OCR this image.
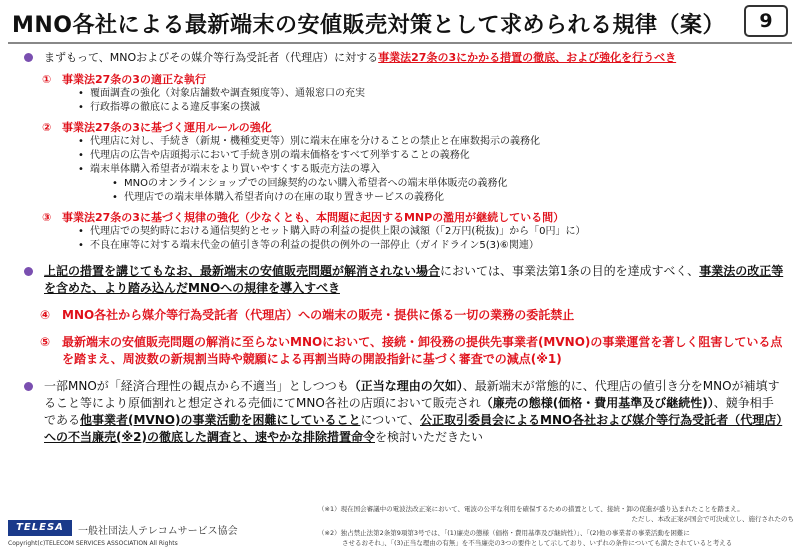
MNO各社による最新端末の安値販売対策として求められる規律（案）	9
まずもって、MNOおよびその媒介等行為受託者（代理店）に対する事業法27条の3にかかる措置の徹底、および強化を行うべき
① 事業法27条の3の適正な執行
• 覆面調査の強化（対象店舗数や調査頻度等）、通報窓口の充実
• 行政指導の徹底による違反事案の撲滅
② 事業法27条の3に基づく運用ルールの強化
• 代理店に対し、手続き（新規・機種変更等）別に端末在庫を分けることの禁止と在庫数掲示の義務化
• 代理店の広告や店頭掲示において手続き別の端末価格をすべて列挙することの義務化
• 端末単体購入希望者が端末をより買いやすくする販売方法の導入
• MNOのオンラインショップでの回線契約のない購入希望者への端末単体販売の義務化
• 代理店での端末単体購入希望者向けの在庫の取り置きサービスの義務化
③ 事業法27条の3に基づく規律の強化（少なくとも、本問題に起因するMNPの濫用が継続している間）
• 代理店での契約時における通信契約とセット購入時の利益の提供上限の減額（「2万円(税抜)」から「0円」に）
• 不良在庫等に対する端末代金の値引き等の利益の提供の例外の一部停止（ガイドライン5(3)⑥関連）
上記の措置を講じてもなお、最新端末の安値販売問題が解消されない場合においては、事業法第1条の目的を達成すべく、事業法の改正等を含めた、より踏み込んだMNOへの規律を導入すべき
④ MNO各社から媒介等行為受託者（代理店）への端末の販売・提供に係る一切の業務の委託禁止
⑤ 最新端末の安値販売問題の解消に至らないMNOにおいて、接続・卸役務の提供先事業者(MVNO)の事業運営を著しく阻害している点を踏まえ、周波数の新規割当時や競願による再割当時の開設指針に基づく審査での減点(※1)
一部MNOが「経済合理性の観点から不適当」としつつも（正当な理由の欠如）、最新端末が常態的に、代理店の値引き分をMNOが補填すること等により原価割れと想定される売価にてMNO各社の店頭において販売され（廉売の態様(価格・費用基準及び継続性)）、競争相手である他事業者(MVNO)の事業活動を困難にしていることについて、公正取引委員会によるMNO各社および媒介等行為受託者（代理店）への不当廉売(※2)の徹底した調査と、速やかな排除措置命令を検討いただきたい
TELESA	一般社団法人テレコムサービス協会
Copyright(c)TELECOM SERVICES ASSOCIATION All Rights
（※1）現在国会審議中の電波法改正案において、電波の公平な利用を確保するための措置として、接続・卸の促進が盛り込まれたことを踏まえ。
ただし、本改正案が国会で可決成立し、施行されたのち
（※2）独占禁止法第2条第9項第3号では、「(1)廉売の態様（価格・費用基準及び継続性）」、「(2)他の事業者の事業活動を困難に
させるおそれ」、「(3)正当な理由の有無」を不当廉売の3つの要件として示しており、いずれの条件についても満たされていると考える
